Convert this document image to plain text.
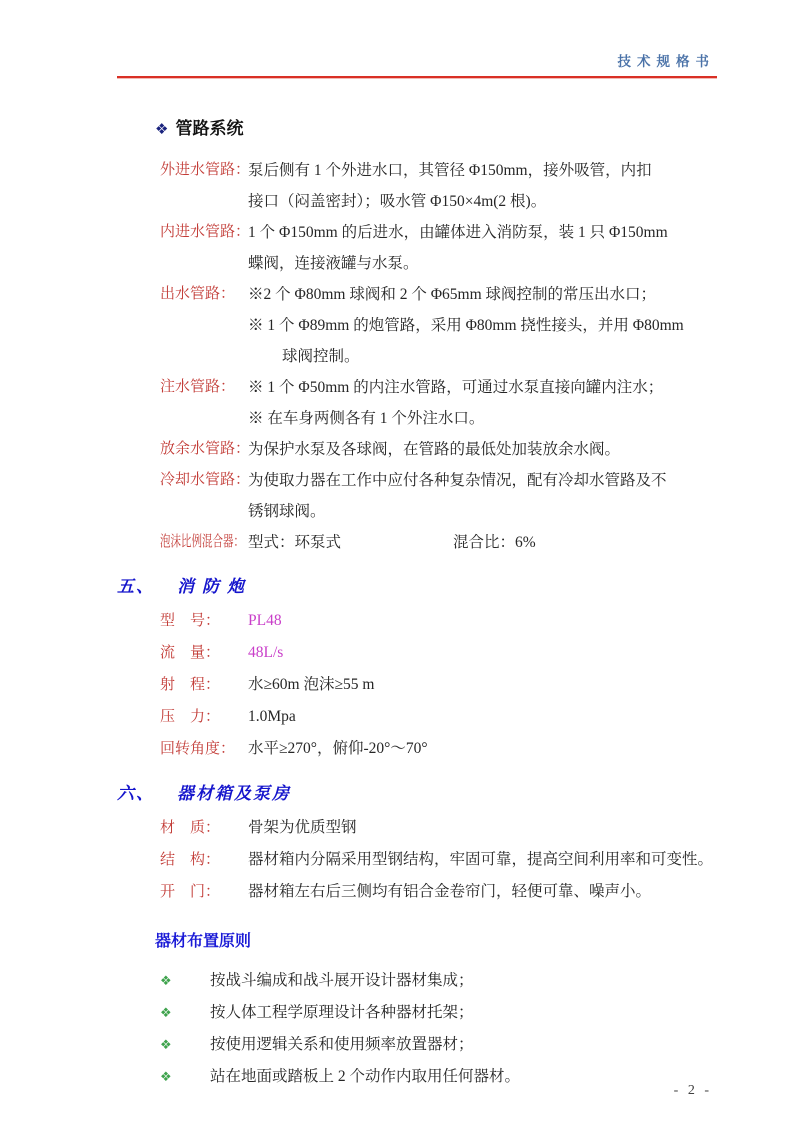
技术规格书
❖ 管路系统
外进水管路：
泵后侧有 1 个外进水口，其管径 Φ150mm，接外吸管，内扣
接口（闷盖密封）；吸水管 Φ150×4m(2 根)。
内进水管路：
1 个 Φ150mm 的后进水，由罐体进入消防泵，装 1 只 Φ150mm
蝶阀，连接液罐与水泵。
出水管路： ※2 个 Φ80mm 球阀和 2 个 Φ65mm 球阀控制的常压出水口；
※ 1 个 Φ89mm 的炮管路，采用 Φ80mm 挠性接头，并用 Φ80mm
球阀控制。
注水管路： ※ 1 个 Φ50mm 的内注水管路，可通过水泵直接向罐内注水；
※ 在车身两侧各有 1 个外注水口。
放余水管路：
为保护水泵及各球阀，在管路的最低处加装放余水阀。
冷却水管路：
为使取力器在工作中应付各种复杂情况，配有冷却水管路及不
锈钢球阀。
泡沫比例混合器： 型式：环泵式	混合比：6%
五、 消防炮
型　号：	PL48
流　量：	48L/s
射　程：	水≥60m 泡沫≥55 m
压　力：	1.0Mpa
回转角度： 水平≥270°，俯仰-20°～70°
六、 器材箱及泵房
材　质：	骨架为优质型钢
结　构：	器材箱内分隔采用型钢结构，牢固可靠，提高空间利用率和可变性。
开　门：	器材箱左右后三侧均有铝合金卷帘门，轻便可靠、噪声小。
器材布置原则
❖	按战斗编成和战斗展开设计器材集成；
❖	按人体工程学原理设计各种器材托架；
❖	按使用逻辑关系和使用频率放置器材；
❖	站在地面或踏板上 2 个动作内取用任何器材。
- 2 -
